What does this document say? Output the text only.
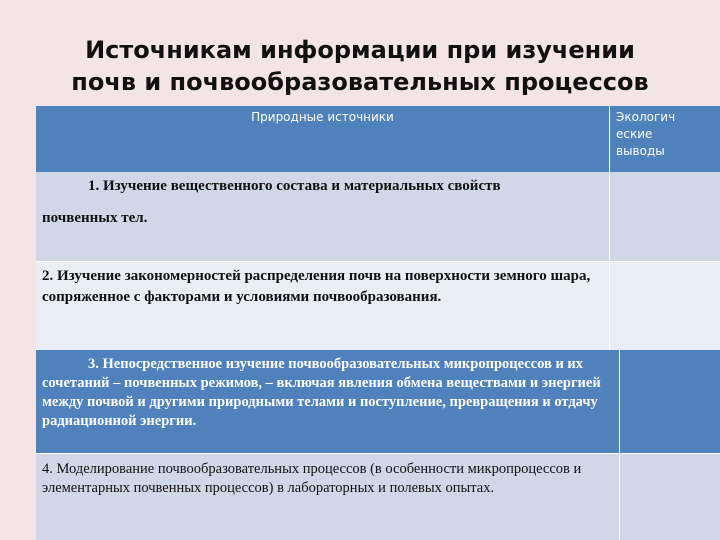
Источникам информации при изучении
почв и почвообразовательных процессов
Природные источники	Экологич
еские
выводы
1. Изучение вещественного состава и материальных свойств
почвенных тел.
2. Изучение закономерностей распределения почв на поверхности земного шара, сопряженное с факторами и условиями почвообразования.
3. Непосредственное изучение почвообразовательных микропроцессов и их сочетаний – почвенных режимов, – включая явления обмена веществами и энергией между почвой и другими природными телами и поступление, превращения и отдачу радиационной энергии.
4. Моделирование почвообразовательных процессов (в особенности микропроцессов и элементарных почвенных процессов) в лабораторных и полевых опытах.
